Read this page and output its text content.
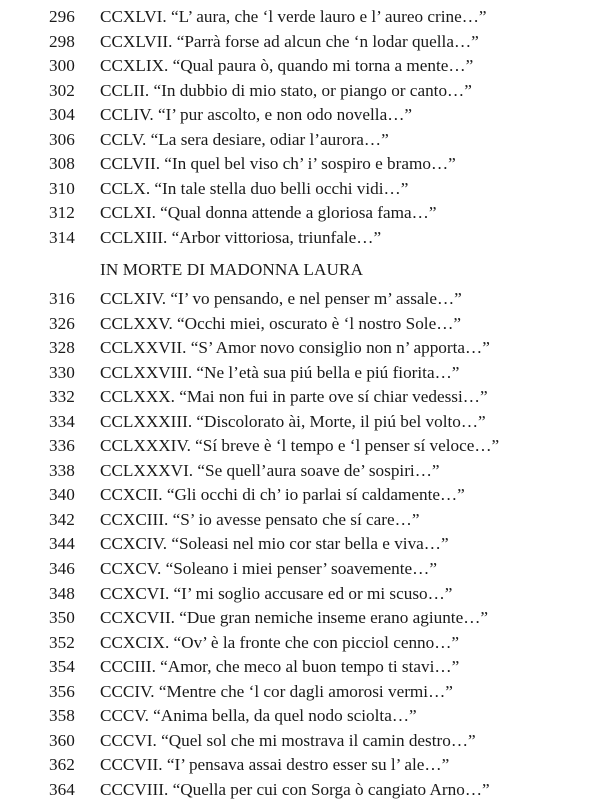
296 CCXLVI. “L’ aura, che ‘l verde lauro e l’ aureo crine…”
298 CCXLVII. “Parrà forse ad alcun che ‘n lodar quella…”
300 CCXLIX. “Qual paura ò, quando mi torna a mente…”
302 CCLII. “In dubbio di mio stato, or piango or canto…”
304 CCLIV. “I’ pur ascolto, e non odo novella…”
306 CCLV. “La sera desiare, odiar l’aurora…”
308 CCLVII. “In quel bel viso ch’ i’ sospiro e bramo…”
310 CCLX. “In tale stella duo belli occhi vidi…”
312 CCLXI. “Qual donna attende a gloriosa fama…”
314 CCLXIII. “Arbor vittoriosa, triunfale…”
IN MORTE DI MADONNA LAURA
316 CCLXIV. “I’ vo pensando, e nel penser m’ assale…”
326 CCLXXV. “Occhi miei, oscurato è ‘l nostro Sole…”
328 CCLXXVII. “S’ Amor novo consiglio non n’ apporta…”
330 CCLXXVIII. “Ne l’età sua piú bella e piú fiorita…”
332 CCLXXX. “Mai non fui in parte ove sí chiar vedessi…”
334 CCLXXXIII. “Discolorato ài, Morte, il piú bel volto…”
336 CCLXXXIV. “Sí breve è ‘l tempo e ‘l penser sí veloce…”
338 CCLXXXVI. “Se quell’aura soave de’ sospiri…”
340 CCXCII. “Gli occhi di ch’ io parlai sí caldamente…”
342 CCXCIII. “S’ io avesse pensato che sí care…”
344 CCXCIV. “Soleasi nel mio cor star bella e viva…”
346 CCXCV. “Soleano i miei penser’ soavemente…”
348 CCXCVI. “I’ mi soglio accusare ed or mi scuso…”
350 CCXCVII. “Due gran nemiche inseme erano agiunte…”
352 CCXCIX. “Ov’ è la fronte che con picciol cenno…”
354 CCCIII. “Amor, che meco al buon tempo ti stavi…”
356 CCCIV. “Mentre che ‘l cor dagli amorosi vermi…”
358 CCCV. “Anima bella, da quel nodo sciolta…”
360 CCCVI. “Quel sol che mi mostrava il camin destro…”
362 CCCVII. “I’ pensava assai destro esser su l’ ale…”
364 CCCVIII. “Quella per cui con Sorga ò cangiato Arno…”
